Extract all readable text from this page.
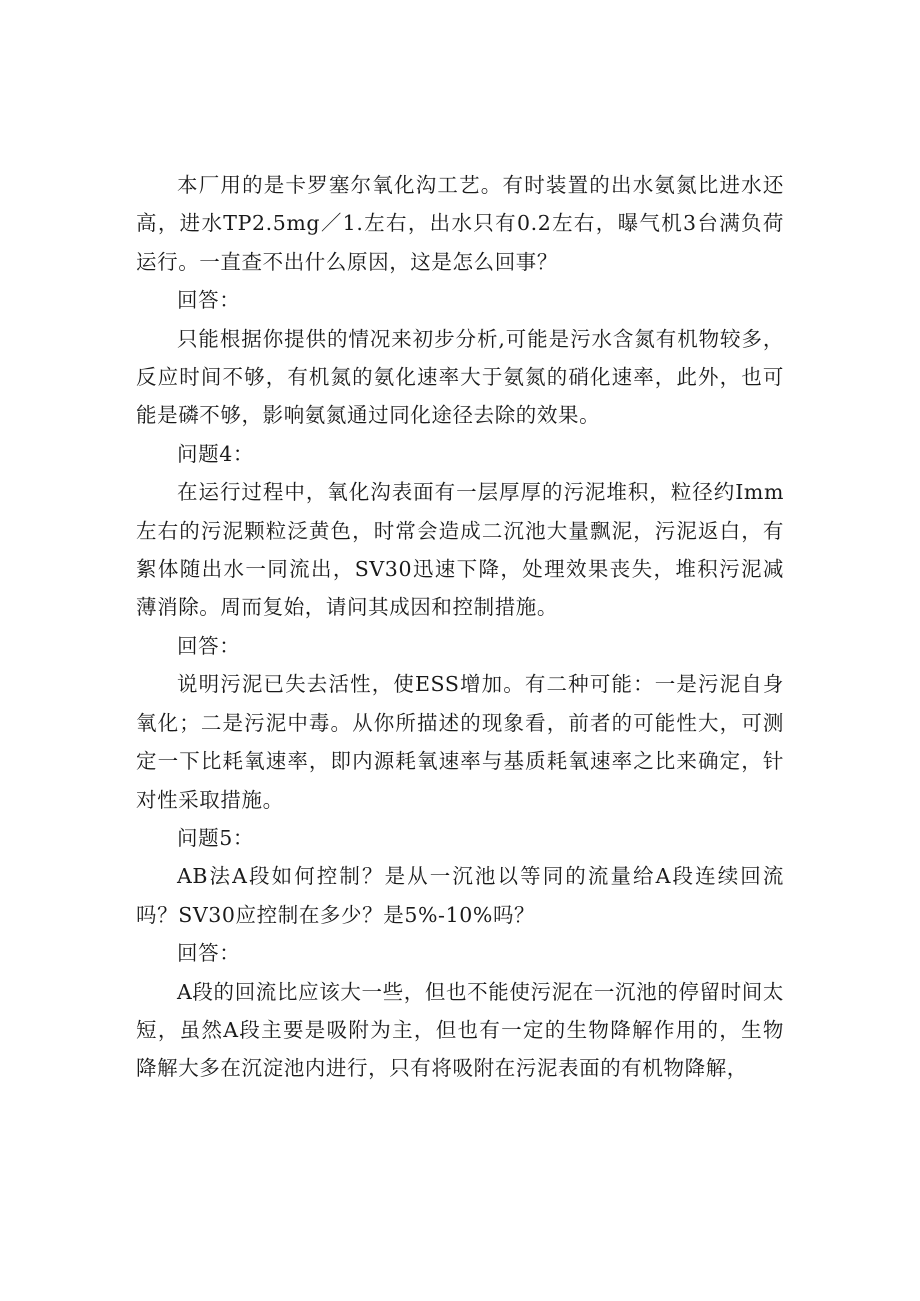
本厂用的是卡罗塞尔氧化沟工艺。有时装置的出水氨氮比进水还高，进水TP2.5mg／1.左右，出水只有0.2左右，曝气机3台满负荷运行。一直查不出什么原因，这是怎么回事？

回答：

只能根据你提供的情况来初步分析,可能是污水含氮有机物较多，反应时间不够，有机氮的氨化速率大于氨氮的硝化速率，此外，也可能是磷不够，影响氨氮通过同化途径去除的效果。

问题4：

在运行过程中，氧化沟表面有一层厚厚的污泥堆积，粒径约Imm左右的污泥颗粒泛黄色，时常会造成二沉池大量飘泥，污泥返白，有絮体随出水一同流出，SV30迅速下降，处理效果丧失，堆积污泥减薄消除。周而复始，请问其成因和控制措施。

回答：

说明污泥已失去活性，使ESS增加。有二种可能：一是污泥自身氧化；二是污泥中毒。从你所描述的现象看，前者的可能性大，可测定一下比耗氧速率，即内源耗氧速率与基质耗氧速率之比来确定，针对性采取措施。

问题5：

AB法A段如何控制？是从一沉池以等同的流量给A段连续回流吗？SV30应控制在多少？是5%-10%吗？

回答：

A段的回流比应该大一些，但也不能使污泥在一沉池的停留时间太短，虽然A段主要是吸附为主，但也有一定的生物降解作用的，生物降解大多在沉淀池内进行，只有将吸附在污泥表面的有机物降解，
